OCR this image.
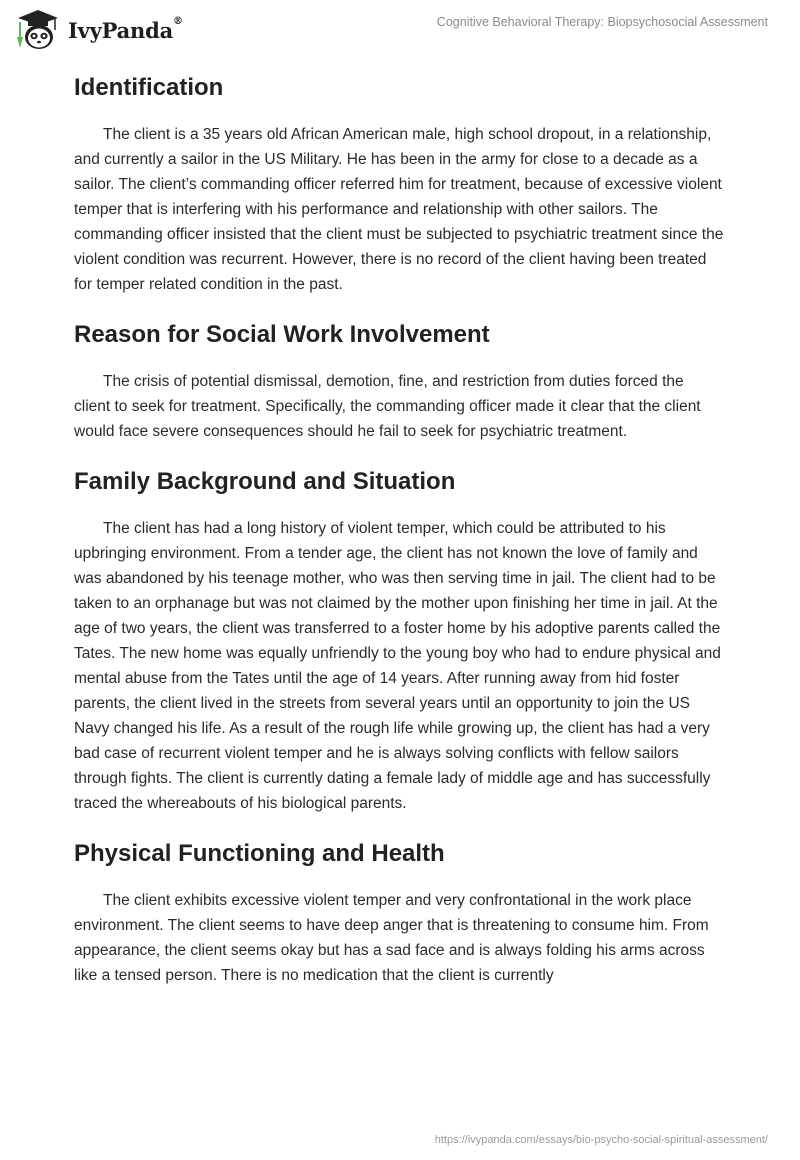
IvyPanda®	Cognitive Behavioral Therapy: Biopsychosocial Assessment
Identification

The client is a 35 years old African American male, high school dropout, in a relationship, and currently a sailor in the US Military. He has been in the army for close to a decade as a sailor. The client’s commanding officer referred him for treatment, because of excessive violent temper that is interfering with his performance and relationship with other sailors. The commanding officer insisted that the client must be subjected to psychiatric treatment since the violent condition was recurrent. However, there is no record of the client having been treated for temper related condition in the past.

Reason for Social Work Involvement

The crisis of potential dismissal, demotion, fine, and restriction from duties forced the client to seek for treatment. Specifically, the commanding officer made it clear that the client would face severe consequences should he fail to seek for psychiatric treatment.

Family Background and Situation

The client has had a long history of violent temper, which could be attributed to his upbringing environment. From a tender age, the client has not known the love of family and was abandoned by his teenage mother, who was then serving time in jail. The client had to be taken to an orphanage but was not claimed by the mother upon finishing her time in jail. At the age of two years, the client was transferred to a foster home by his adoptive parents called the Tates. The new home was equally unfriendly to the young boy who had to endure physical and mental abuse from the Tates until the age of 14 years. After running away from hid foster parents, the client lived in the streets from several years until an opportunity to join the US Navy changed his life. As a result of the rough life while growing up, the client has had a very bad case of recurrent violent temper and he is always solving conflicts with fellow sailors through fights. The client is currently dating a female lady of middle age and has successfully traced the whereabouts of his biological parents.

Physical Functioning and Health

The client exhibits excessive violent temper and very confrontational in the work place environment. The client seems to have deep anger that is threatening to consume him. From appearance, the client seems okay but has a sad face and is always folding his arms across like a tensed person. There is no medication that the client is currently

https://ivypanda.com/essays/bio-psycho-social-spiritual-assessment/
